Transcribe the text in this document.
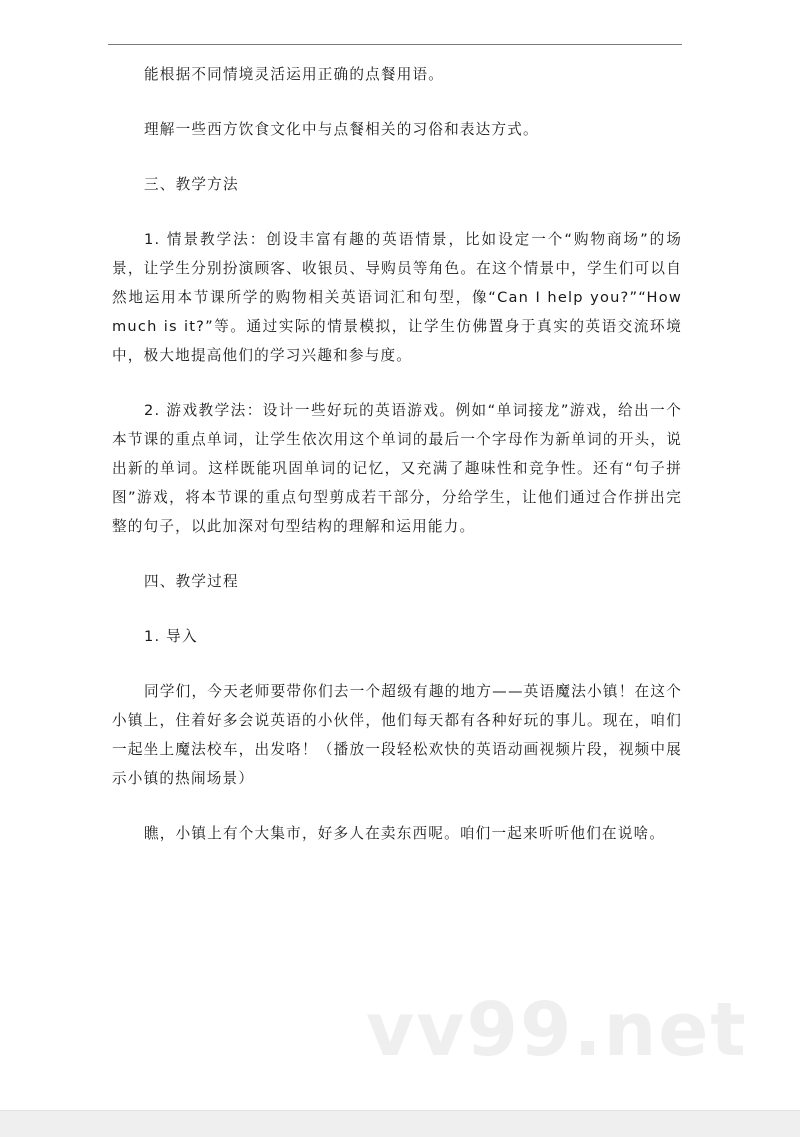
能根据不同情境灵活运用正确的点餐用语。

理解一些西方饮食文化中与点餐相关的习俗和表达方式。

三、教学方法

1. 情景教学法：创设丰富有趣的英语情景，比如设定一个“购物商场”的场景，让学生分别扮演顾客、收银员、导购员等角色。在这个情景中，学生们可以自然地运用本节课所学的购物相关英语词汇和句型，像“Can I help you?”“How much is it?”等。通过实际的情景模拟，让学生仿佛置身于真实的英语交流环境中，极大地提高他们的学习兴趣和参与度。

2. 游戏教学法：设计一些好玩的英语游戏。例如“单词接龙”游戏，给出一个本节课的重点单词，让学生依次用这个单词的最后一个字母作为新单词的开头，说出新的单词。这样既能巩固单词的记忆，又充满了趣味性和竞争性。还有“句子拼图”游戏，将本节课的重点句型剪成若干部分，分给学生，让他们通过合作拼出完整的句子，以此加深对句型结构的理解和运用能力。

四、教学过程

1. 导入

同学们，今天老师要带你们去一个超级有趣的地方——英语魔法小镇！在这个小镇上，住着好多会说英语的小伙伴，他们每天都有各种好玩的事儿。现在，咱们一起坐上魔法校车，出发咯！（播放一段轻松欢快的英语动画视频片段，视频中展示小镇的热闹场景）

瞧，小镇上有个大集市，好多人在卖东西呢。咱们一起来听听他们在说啥。

vv99.net
